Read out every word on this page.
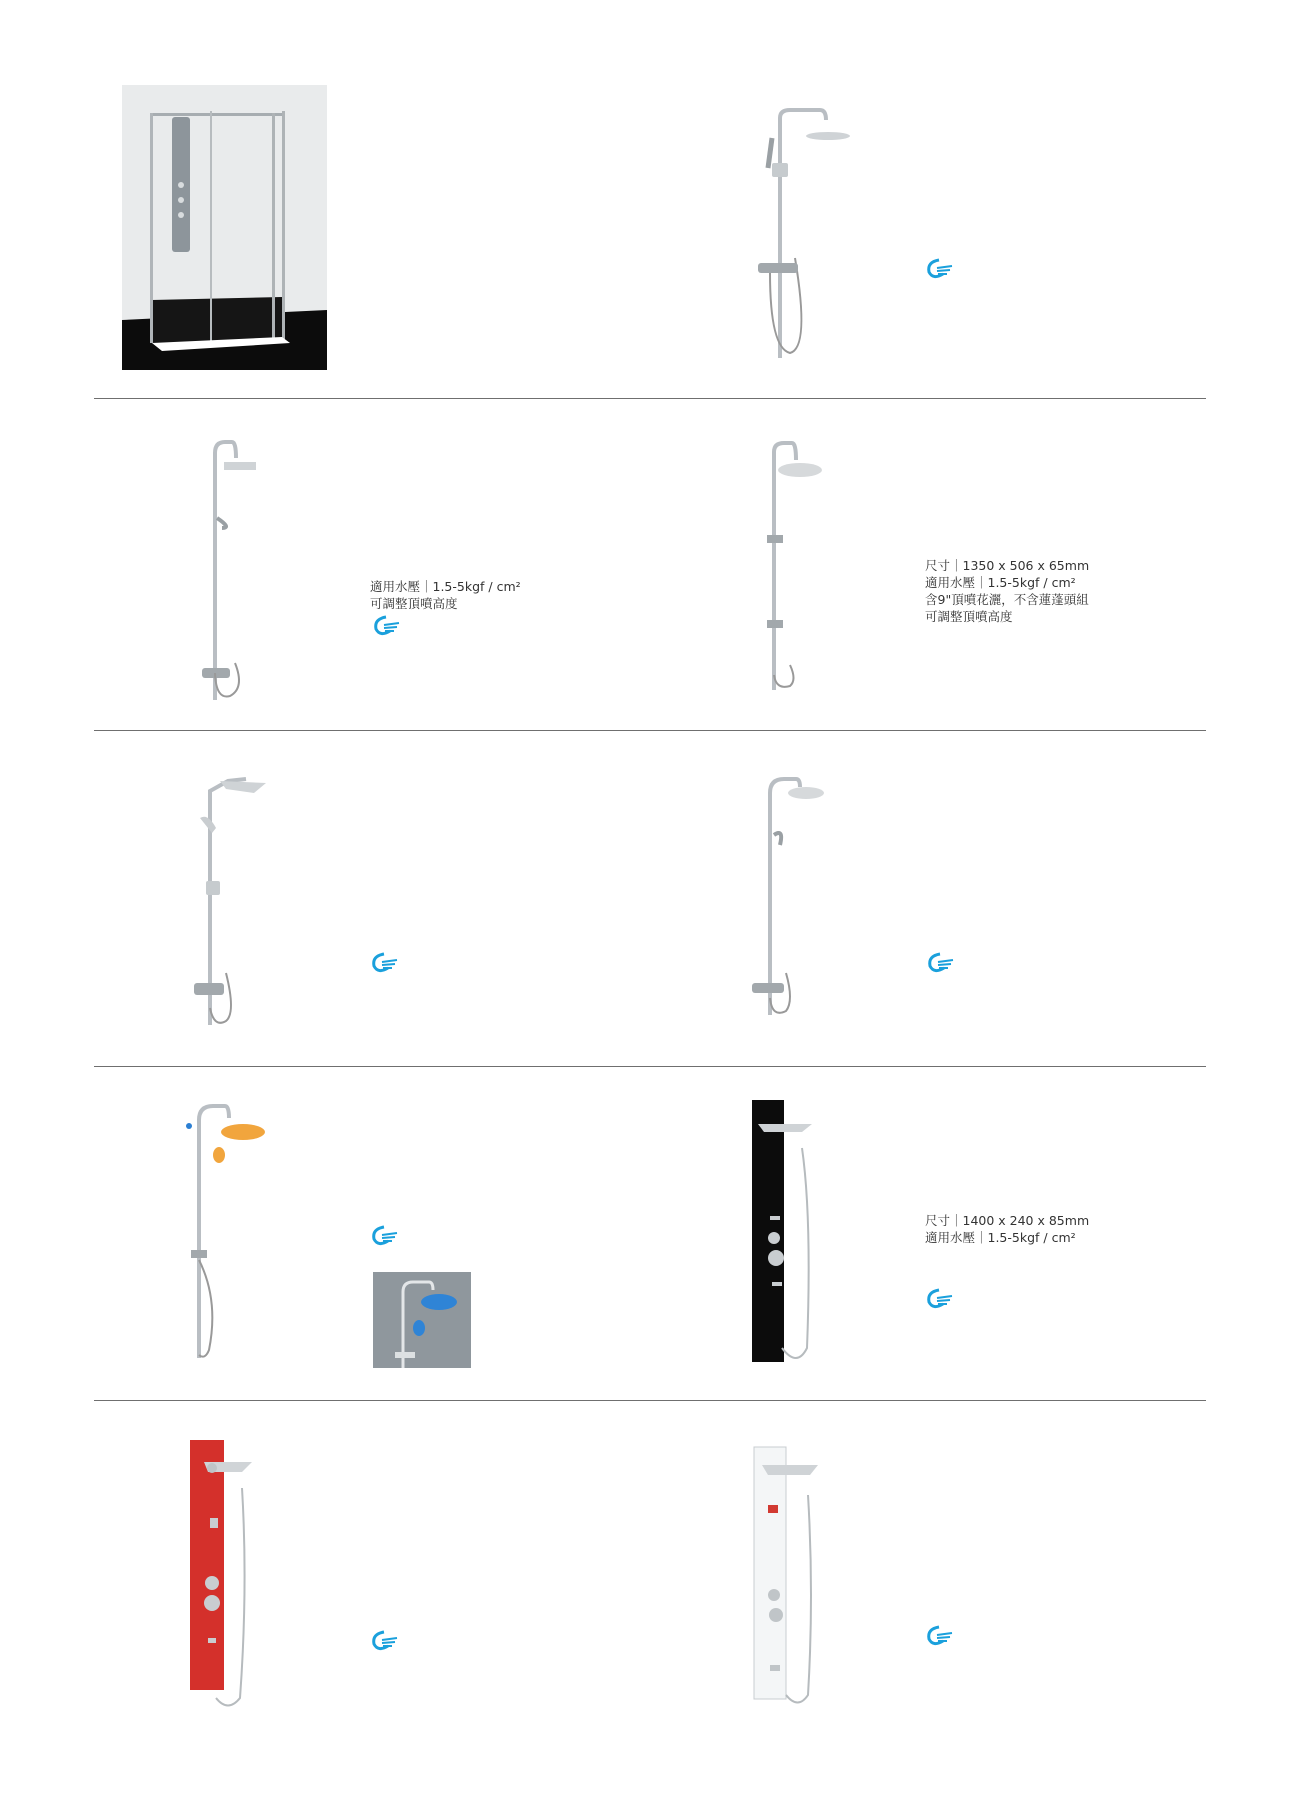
適用水壓｜1.5-5kgf / cm²
可調整頂噴高度
尺寸｜1350 x 506 x 65mm
適用水壓｜1.5-5kgf / cm²
含9"頂噴花灑，不含蓮蓬頭組
可調整頂噴高度
尺寸｜1400 x 240 x 85mm
適用水壓｜1.5-5kgf / cm²
